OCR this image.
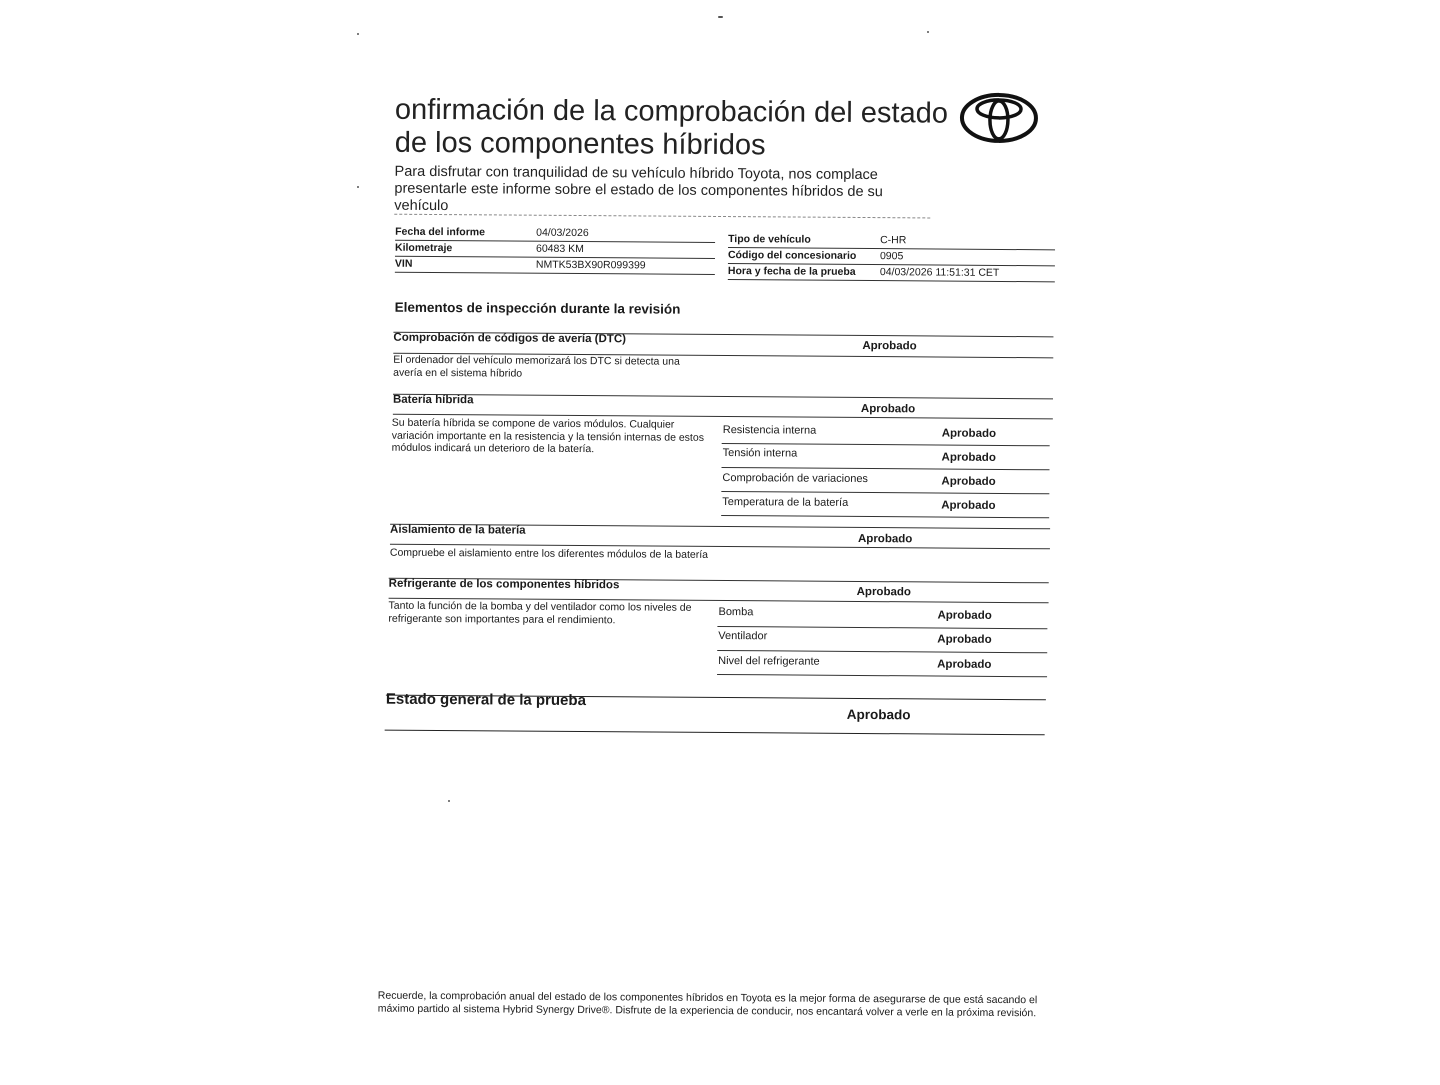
onfirmación de la comprobación del estado
de los componentes híbridos
Para disfrutar con tranquilidad de su vehículo híbrido Toyota, nos complace presentarle este informe sobre el estado de los componentes híbridos de su vehículo
Fecha del informe	04/03/2026
Kilometraje	60483 KM
VIN	NMTK53BX90R099399
Tipo de vehículo	C-HR
Código del concesionario 0905
Hora y fecha de la prueba 04/03/2026 11:51:31 CET
Elementos de inspección durante la revisión
Comprobación de códigos de avería (DTC)
Aprobado
El ordenador del vehículo memorizará los DTC si detecta una avería en el sistema híbrido
Batería híbrida
Aprobado
Su batería híbrida se compone de varios módulos. Cualquier variación importante en la resistencia y la tensión internas de estos módulos indicará un deterioro de la batería.
Resistencia interna	Aprobado
Tensión interna	Aprobado
Comprobación de variaciones	Aprobado
Temperatura de la batería	Aprobado
Aislamiento de la batería
Aprobado
Compruebe el aislamiento entre los diferentes módulos de la batería
Refrigerante de los componentes híbridos
Aprobado
Tanto la función de la bomba y del ventilador como los niveles de refrigerante son importantes para el rendimiento.
Bomba	Aprobado
Ventilador	Aprobado
Nivel del refrigerante	Aprobado
Estado general de la prueba
Aprobado
Recuerde, la comprobación anual del estado de los componentes híbridos en Toyota es la mejor forma de asegurarse de que está sacando el máximo partido al sistema Hybrid Synergy Drive®. Disfrute de la experiencia de conducir, nos encantará volver a verle en la próxima revisión.
